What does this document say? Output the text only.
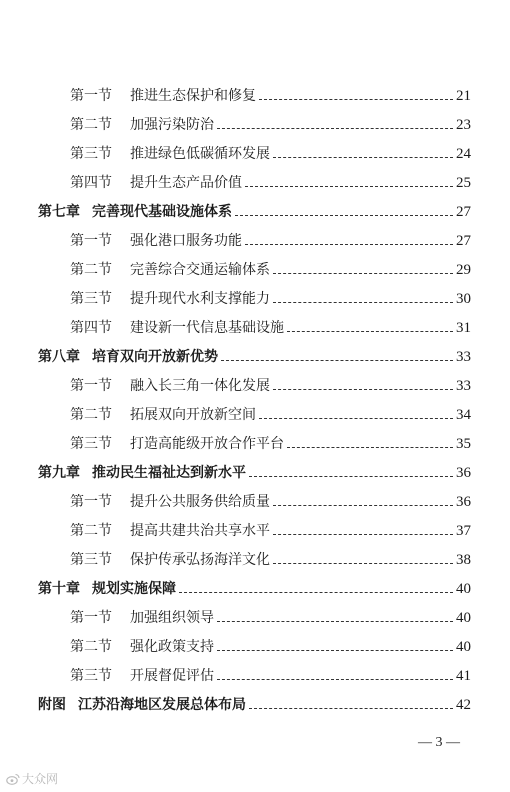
第一节	推进生态保护和修复	21
第二节	加强污染防治	23
第三节	推进绿色低碳循环发展	24
第四节	提升生态产品价值	25
第七章 完善现代基础设施体系	27
第一节	强化港口服务功能	27
第二节	完善综合交通运输体系	29
第三节	提升现代水利支撑能力	30
第四节	建设新一代信息基础设施	31
第八章 培育双向开放新优势	33
第一节	融入长三角一体化发展	33
第二节	拓展双向开放新空间	34
第三节	打造高能级开放合作平台	35
第九章 推动民生福祉达到新水平	36
第一节	提升公共服务供给质量	36
第二节	提高共建共治共享水平	37
第三节	保护传承弘扬海洋文化	38
第十章 规划实施保障	40
第一节	加强组织领导	40
第二节	强化政策支持	40
第三节	开展督促评估	41
附图 江苏沿海地区发展总体布局	42
— 3 —
大众网
